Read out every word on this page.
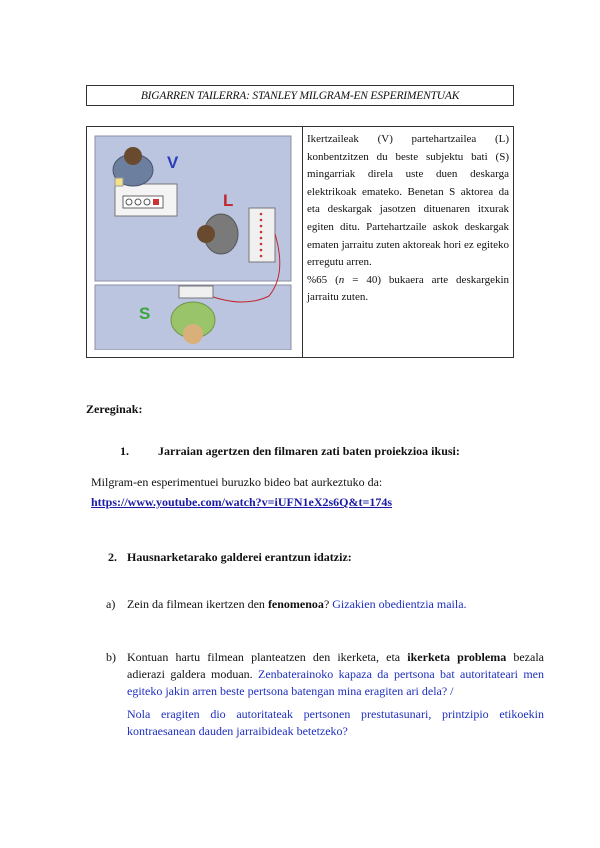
BIGARREN TAILERRA: STANLEY MILGRAM-EN ESPERIMENTUAK
V
L
S

Ikertzaileak (V) partehartzailea (L) konbentzitzen du beste subjektu bati (S) mingarriak direla uste duen deskarga elektrikoak emateko. Benetan S aktorea da eta deskargak jasotzen dituenaren itxurak egiten ditu. Partehartzaile askok deskargak ematen jarraitu zuten aktoreak hori ez egiteko erregutu arren.

%65 (n = 40) bukaera arte deskargekin jarraitu zuten.

Zereginak:
1. Jarraian agertzen den filmaren zati baten proiekzioa ikusi:
Milgram-en esperimentuei buruzko bideo bat aurkeztuko da:
https://www.youtube.com/watch?v=iUFN1eX2s6Q&t=174s
2. Hausnarketarako galderei erantzun idatziz:
a) Zein da filmean ikertzen den fenomenoa? Gizakien obedientzia maila.
b) Kontuan hartu filmean planteatzen den ikerketa, eta ikerketa problema bezala adierazi galdera moduan. Zenbaterainoko kapaza da pertsona bat autoritateari men egiteko jakin arren beste pertsona batengan mina eragiten ari dela? /
Nola eragiten dio autoritateak pertsonen prestutasunari, printzipio etikoekin kontraesanean dauden jarraibideak betetzeko?
